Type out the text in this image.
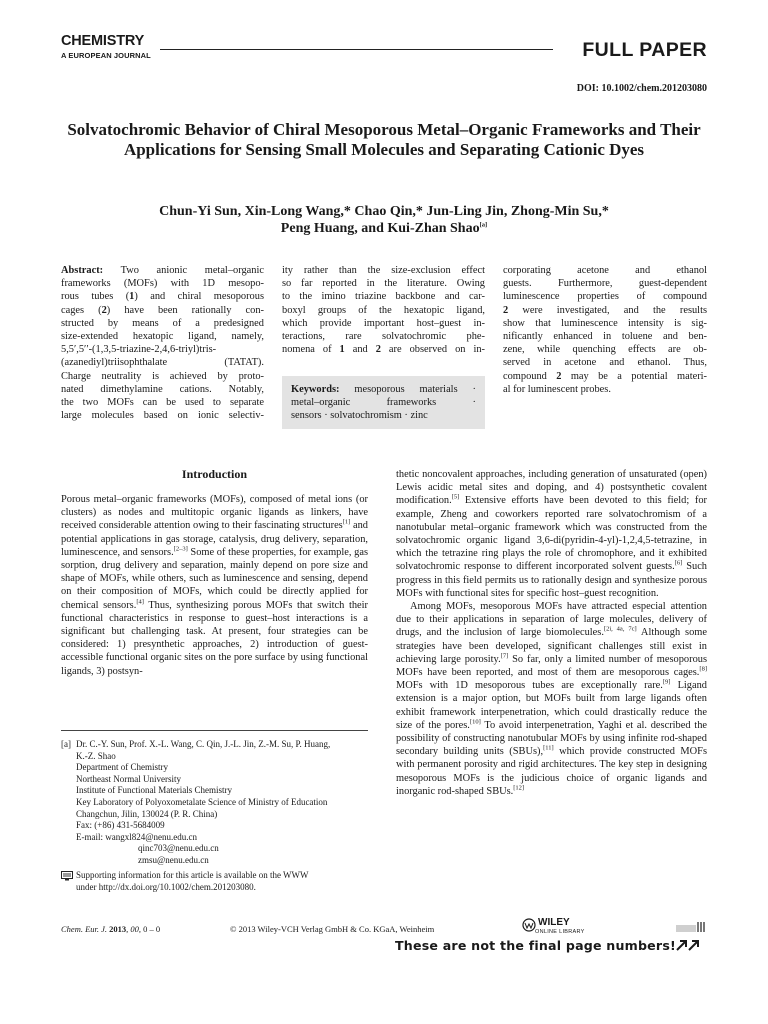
CHEMISTRY
A EUROPEAN JOURNAL	FULL PAPER
DOI: 10.1002/chem.201203080
Solvatochromic Behavior of Chiral Mesoporous Metal–Organic Frameworks and Their Applications for Sensing Small Molecules and Separating Cationic Dyes
Chun-Yi Sun, Xin-Long Wang,* Chao Qin,* Jun-Ling Jin, Zhong-Min Su,*
Peng Huang, and Kui-Zhan Shao[a]
Abstract: Two anionic metal–organic
frameworks (MOFs) with 1D mesopo-
rous tubes (1) and chiral mesoporous
cages (2) have been rationally con-
structed by means of a predesigned
size-extended hexatopic ligand, namely,
5,5′,5′′-(1,3,5-triazine-2,4,6-triyl)tris-
(azanediyl)triisophthalate (TATAT).
Charge neutrality is achieved by proto-
nated dimethylamine cations. Notably,
the two MOFs can be used to separate
large molecules based on ionic selectiv-
ity rather than the size-exclusion effect
so far reported in the literature. Owing
to the imino triazine backbone and car-
boxyl groups of the hexatopic ligand,
which provide important host–guest in-
teractions, rare solvatochromic phe-
nomena of 1 and 2 are observed on in-
Keywords: mesoporous materials ·
metal–organic frameworks ·
sensors · solvatochromism · zinc
corporating acetone and ethanol
guests. Furthermore, guest-dependent
luminescence properties of compound
2 were investigated, and the results
show that luminescence intensity is sig-
nificantly enhanced in toluene and ben-
zene, while quenching effects are ob-
served in acetone and ethanol. Thus,
compound 2 may be a potential materi-
al for luminescent probes.
Introduction

Porous metal–organic frameworks (MOFs), composed of metal ions (or clusters) as nodes and multitopic organic ligands as linkers, have received considerable attention owing to their fascinating structures[1] and potential applications in gas storage, catalysis, drug delivery, separation, luminescence, and sensors.[2–3] Some of these properties, for example, gas sorption, drug delivery and separation, mainly depend on pore size and shape of MOFs, while others, such as luminescence and sensing, depend on their composition of MOFs, which could be directly applied for chemical sensors.[4] Thus, synthesizing porous MOFs that switch their functional characteristics in response to guest–host interactions is a significant but challenging task. At present, four strategies can be considered: 1) presynthetic approaches, 2) introduction of guest-accessible functional organic sites on the pore surface by using functional ligands, 3) postsyn-

thetic noncovalent approaches, including generation of unsaturated (open) Lewis acidic metal sites and doping, and 4) postsynthetic covalent modification.[5] Extensive efforts have been devoted to this field; for example, Zheng and coworkers reported rare solvatochromism of a nanotubular metal–organic framework which was constructed from the solvatochromic organic ligand 3,6-di(pyridin-4-yl)-1,2,4,5-tetrazine, in which the tetrazine ring plays the role of chromophore, and it exhibited solvatochromic response to different incorporated solvent guests.[6] Such progress in this field permits us to rationally design and synthesize porous MOFs with functional sites for specific host–guest recognition.

Among MOFs, mesoporous MOFs have attracted especial attention due to their applications in separation of large molecules, delivery of drugs, and the inclusion of large biomolecules.[2i, 4a, 7c] Although some strategies have been developed, significant challenges still exist in achieving large porosity.[7] So far, only a limited number of mesoporous MOFs have been reported, and most of them are mesoporous cages.[8] MOFs with 1D mesoporous tubes are exceptionally rare.[9] Ligand extension is a major option, but MOFs built from large ligands often exhibit framework interpenetration, which could drastically reduce the size of the pores.[10] To avoid interpenetration, Yaghi et al. described the possibility of constructing nanotubular MOFs by using infinite rod-shaped secondary building units (SBUs),[11] which provide constructed MOFs with permanent porosity and rigid architectures. The key step in designing mesoporous MOFs is the judicious choice of organic ligands and inorganic rod-shaped SBUs.[12]

[a] Dr. C.-Y. Sun, Prof. X.-L. Wang, C. Qin, J.-L. Jin, Z.-M. Su, P. Huang,
K.-Z. Shao
Department of Chemistry
Northeast Normal University
Institute of Functional Materials Chemistry
Key Laboratory of Polyoxometalate Science of Ministry of Education
Changchun, Jilin, 130024 (P. R. China)
Fax: (+86) 431-5684009
E-mail: wangxl824@nenu.edu.cn
qinc703@nenu.edu.cn
zmsu@nenu.edu.cn
Supporting information for this article is available on the WWW
under http://dx.doi.org/10.1002/chem.201203080.
Chem. Eur. J. 2013, 00, 0 – 0	© 2013 Wiley-VCH Verlag GmbH & Co. KGaA, Weinheim
WILEY
ONLINE LIBRARY
These are not the final page numbers!
